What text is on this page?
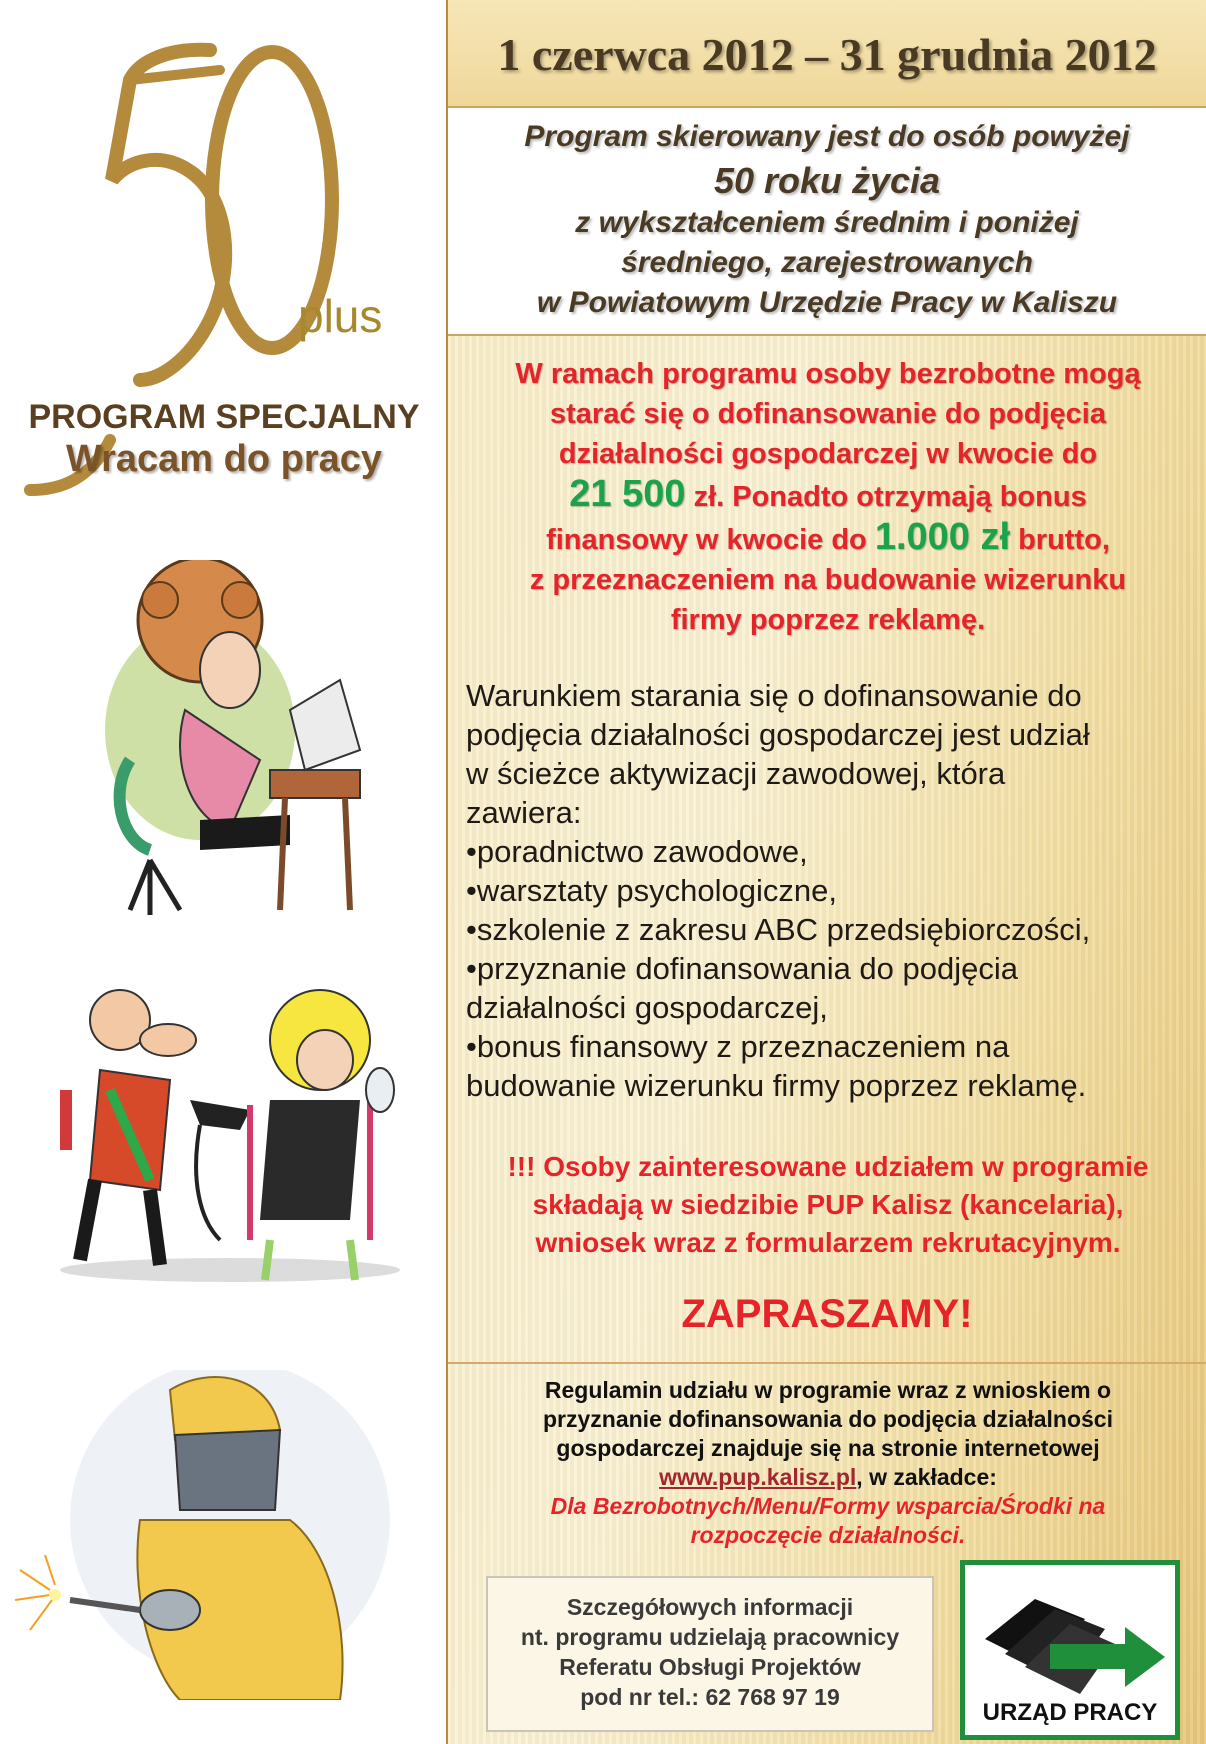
plus
PROGRAM SPECJALNY
Wracam do pracy
1 czerwca 2012 – 31 grudnia 2012
Program skierowany jest do osób powyżej
50 roku życia
z wykształceniem średnim i poniżej
średniego, zarejestrowanych
w Powiatowym Urzędzie Pracy w Kaliszu
W ramach programu osoby bezrobotne mogą
starać się o dofinansowanie do podjęcia
działalności gospodarczej w kwocie do
21 500 zł. Ponadto otrzymają bonus
finansowy w kwocie do 1.000 zł brutto,
z przeznaczeniem na budowanie wizerunku
firmy poprzez reklamę.
Warunkiem starania się o dofinansowanie do
podjęcia działalności gospodarczej jest udział
w ścieżce aktywizacji zawodowej, która
zawiera:
•poradnictwo zawodowe,
•warsztaty psychologiczne,
•szkolenie z zakresu ABC przedsiębiorczości,
•przyznanie dofinansowania do podjęcia
działalności gospodarczej,
•bonus finansowy z przeznaczeniem na
budowanie wizerunku firmy poprzez reklamę.
!!! Osoby zainteresowane udziałem w programie
składają w siedzibie PUP Kalisz (kancelaria),
wniosek wraz z formularzem rekrutacyjnym.
ZAPRASZAMY!
Regulamin udziału w programie wraz z wnioskiem o
przyznanie dofinansowania do podjęcia działalności
gospodarczej znajduje się na stronie internetowej
www.pup.kalisz.pl, w zakładce:
Dla Bezrobotnych/Menu/Formy wsparcia/Środki na
rozpoczęcie działalności.
Szczegółowych informacji
nt. programu udzielają pracownicy
Referatu Obsługi Projektów
pod nr tel.: 62 768 97 19
URZĄD PRACY
